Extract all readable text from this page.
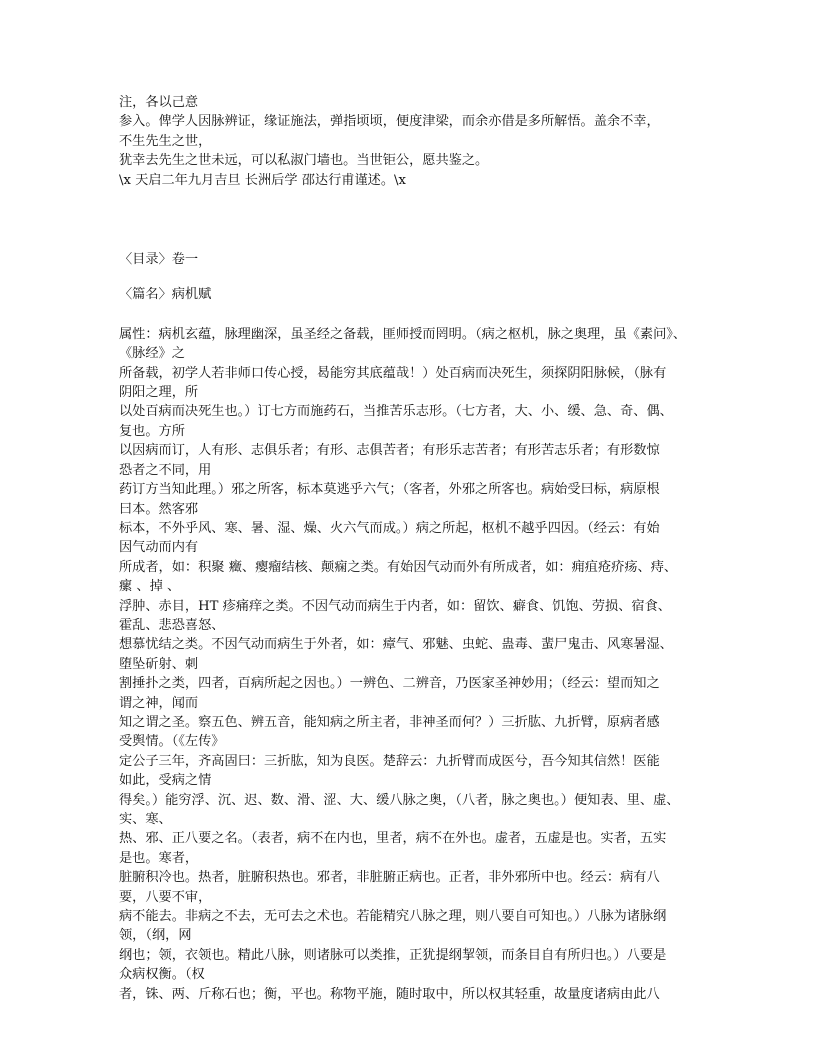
注，各以己意
参入。俾学人因脉辨证，缘证施法，弹指顷顷，便度津梁，而余亦借是多所解悟。盖余不幸，
不生先生之世，
犹幸去先生之世未远，可以私淑门墙也。当世钜公，愿共鉴之。
\x 天启二年九月吉旦 长洲后学 邵达行甫谨述。\x
〈目录〉卷一
〈篇名〉病机赋
属性：病机玄蕴，脉理幽深，虽圣经之备载，匪师授而罔明。（病之枢机，脉之奥理，虽《素问》、
《脉经》之
所备载，初学人若非师口传心授，曷能穷其底蕴哉！）处百病而决死生，须探阴阳脉候，（脉有
阴阳之理，所
以处百病而决死生也。）订七方而施药石，当推苦乐志形。（七方者，大、小、缓、急、奇、偶、
复也。方所
以因病而订，人有形、志俱乐者；有形、志俱苦者；有形乐志苦者；有形苦志乐者；有形数惊
恐者之不同，用
药订方当知此理。）邪之所客，标本莫逃乎六气；（客者，外邪之所客也。病始受曰标，病原根
曰本。然客邪
标本，不外乎风、寒、暑、湿、燥、火六气而成。）病之所起，枢机不越乎四因。（经云：有始
因气动而内有
所成者，如：积聚 癥、瘿瘤结核、颠痫之类。有始因气动而外有所成者，如：痈疽疮疥疡、痔、
瘰 、掉 、
浮肿、赤目，HT 疹痛痒之类。不因气动而病生于内者，如：留饮、癖食、饥饱、劳损、宿食、
霍乱、悲恐喜怒、
想慕忧结之类。不因气动而病生于外者，如：瘴气、邪魅、虫蛇、蛊毒、蜚尸鬼击、风寒暑湿、
堕坠斫射、刺
割捶扑之类，四者，百病所起之因也。）一辨色、二辨音，乃医家圣神妙用；（经云：望而知之
谓之神，闻而
知之谓之圣。察五色、辨五音，能知病之所主者，非神圣而何？）三折肱、九折臂，原病者感
受舆情。（《左传》
定公子三年，齐高固曰：三折肱，知为良医。楚辞云：九折臂而成医兮，吾今知其信然！医能
如此，受病之情
得矣。）能穷浮、沉、迟、数、滑、涩、大、缓八脉之奥，（八者，脉之奥也。）便知表、里、虚、
实、寒、
热、邪、正八要之名。（表者，病不在内也，里者，病不在外也。虚者，五虚是也。实者，五实
是也。寒者，
脏腑积冷也。热者，脏腑积热也。邪者，非脏腑正病也。正者，非外邪所中也。经云：病有八
要，八要不审，
病不能去。非病之不去，无可去之术也。若能精究八脉之理，则八要自可知也。）八脉为诸脉纲
领，（纲，网
纲也；领，衣领也。精此八脉，则诸脉可以类推，正犹提纲挈领，而条目自有所归也。）八要是
众病权衡。（权
者，铢、两、斤称石也；衡，平也。称物平施，随时取中，所以权其轻重，故量度诸病由此八
